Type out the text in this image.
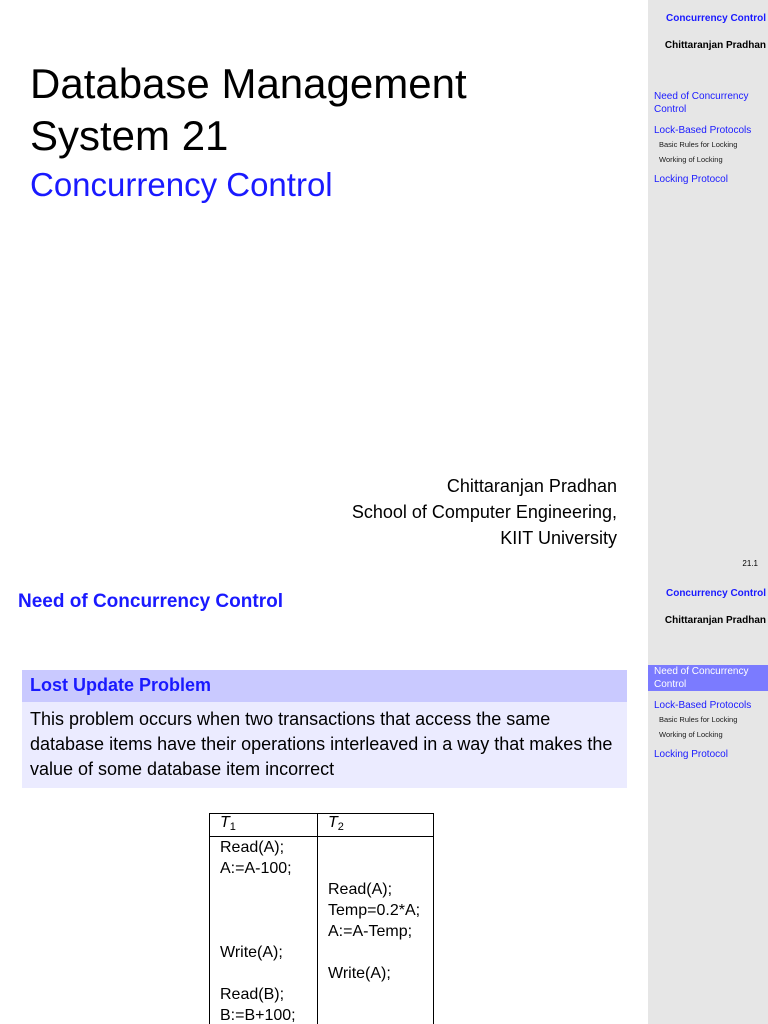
Database Management
System 21
Concurrency Control
Chittaranjan Pradhan
School of Computer Engineering,
KIIT University
Concurrency Control
Chittaranjan Pradhan
Need of Concurrency Control
Lock-Based Protocols
Basic Rules for Locking
Working of Locking
Locking Protocol
21.1
Need of Concurrency Control
Lost Update Problem
This problem occurs when two transactions that access the same database items have their operations interleaved in a way that makes the value of some database item incorrect
$T_1$	$T_2$
Read(A);	
A:=A-100;	
	Read(A);
	Temp=0.2*A;
	A:=A-Temp;
Write(A);	
	Write(A);
Read(B);	
B:=B+100;	
Concurrency Control
Chittaranjan Pradhan
Need of Concurrency Control
Lock-Based Protocols
Basic Rules for Locking
Working of Locking
Locking Protocol
